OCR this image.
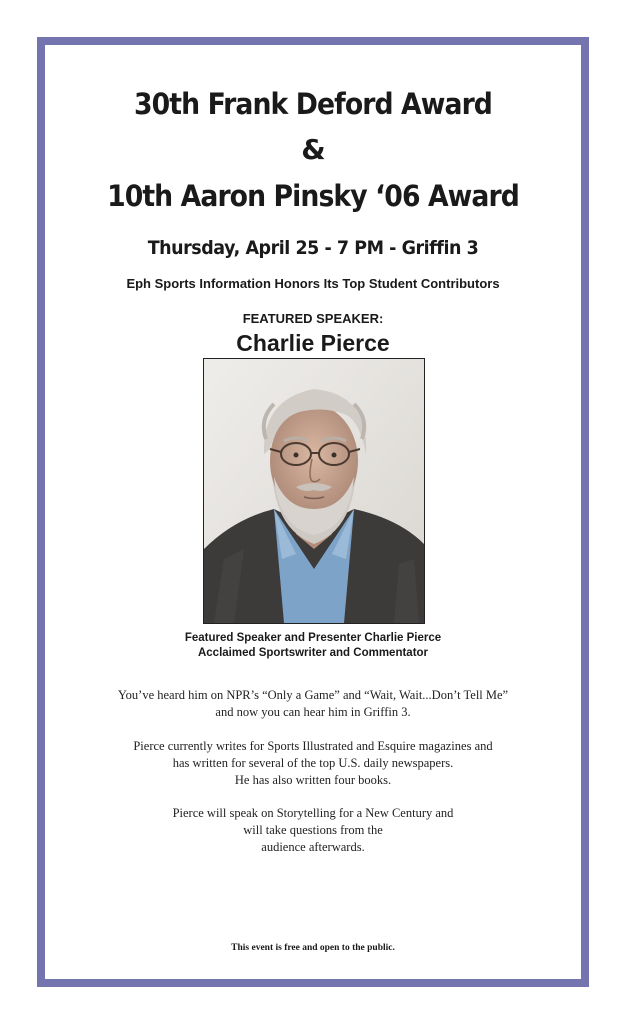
30th Frank Deford Award
&
10th Aaron Pinsky ‘06 Award
Thursday, April 25 - 7 PM - Griffin 3
Eph Sports Information Honors Its Top Student Contributors
FEATURED SPEAKER:
Charlie Pierce
Featured Speaker and Presenter Charlie Pierce
Acclaimed Sportswriter and Commentator
You’ve heard him on NPR’s “Only a Game” and “Wait, Wait...Don’t Tell Me”
and now you can hear him in Griffin 3.
Pierce currently writes for Sports Illustrated and Esquire magazines and
has written for several of the top U.S. daily newspapers.
He has also written four books.
Pierce will speak on Storytelling for a New Century and
will take questions from the
audience afterwards.
This event is free and open to the public.
